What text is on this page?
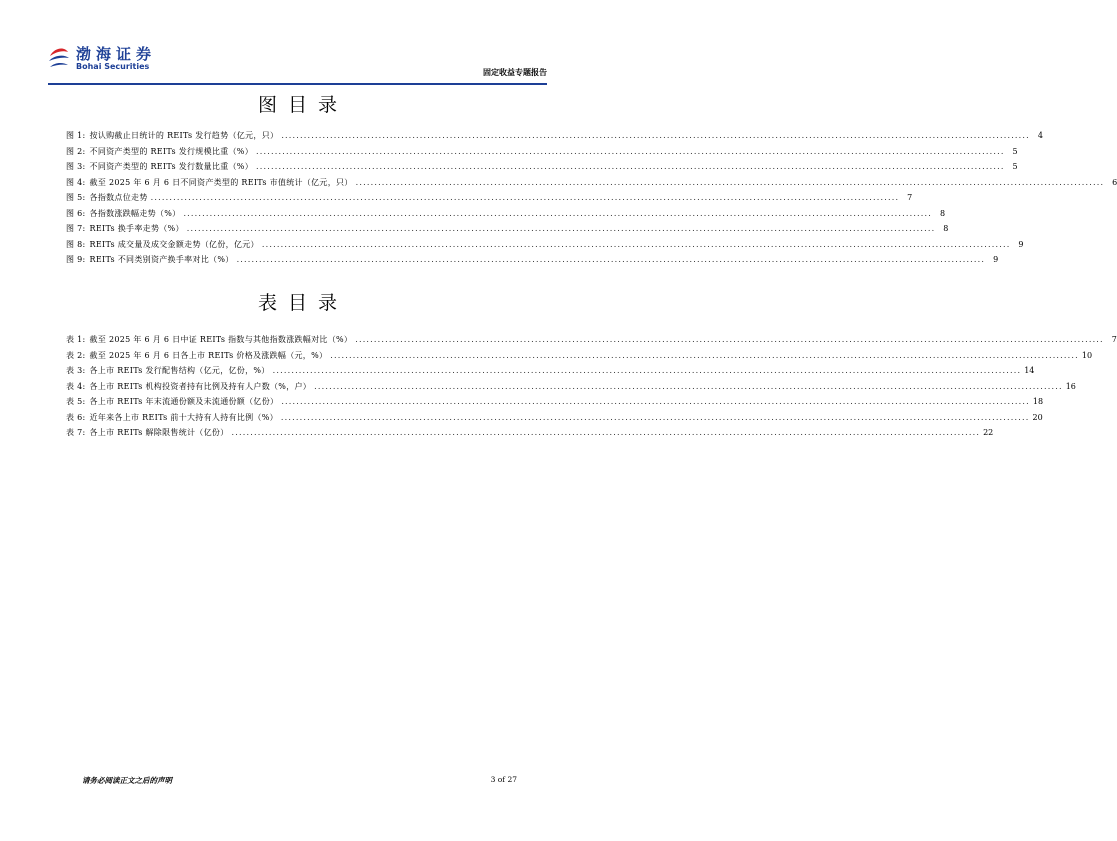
渤海证券
Bohai Securities
固定收益专题报告
图目录
图 1: 按认购截止日统计的 REITs 发行趋势（亿元，只） ........................................................................................................................................................................................................ 4
图 2: 不同资产类型的 REITs 发行规模比重（%） ........................................................................................................................................................................................................ 5
图 3: 不同资产类型的 REITs 发行数量比重（%） ........................................................................................................................................................................................................ 5
图 4: 截至 2025 年 6 月 6 日不同资产类型的 REITs 市值统计（亿元，只） ........................................................................................................................................................................................................ 6
图 5: 各指数点位走势 ........................................................................................................................................................................................................ 7
图 6: 各指数涨跌幅走势（%） ........................................................................................................................................................................................................ 8
图 7: REITs 换手率走势（%） ........................................................................................................................................................................................................ 8
图 8: REITs 成交量及成交金额走势（亿份，亿元） ........................................................................................................................................................................................................ 9
图 9: REITs 不同类别资产换手率对比（%） ........................................................................................................................................................................................................ 9
表目录
表 1: 截至 2025 年 6 月 6 日中证 REITs 指数与其他指数涨跌幅对比（%） ........................................................................................................................................................................................................ 7
表 2: 截至 2025 年 6 月 6 日各上市 REITs 价格及涨跌幅（元，%） ........................................................................................................................................................................................................ 10
表 3: 各上市 REITs 发行配售结构（亿元，亿份，%） ........................................................................................................................................................................................................ 14
表 4: 各上市 REITs 机构投资者持有比例及持有人户数（%，户） ........................................................................................................................................................................................................ 16
表 5: 各上市 REITs 年末流通份额及未流通份额（亿份） ........................................................................................................................................................................................................ 18
表 6: 近年来各上市 REITs 前十大持有人持有比例（%） ........................................................................................................................................................................................................ 20
表 7: 各上市 REITs 解除限售统计（亿份） ........................................................................................................................................................................................................ 22
请务必阅读正文之后的声明	3 of 27
